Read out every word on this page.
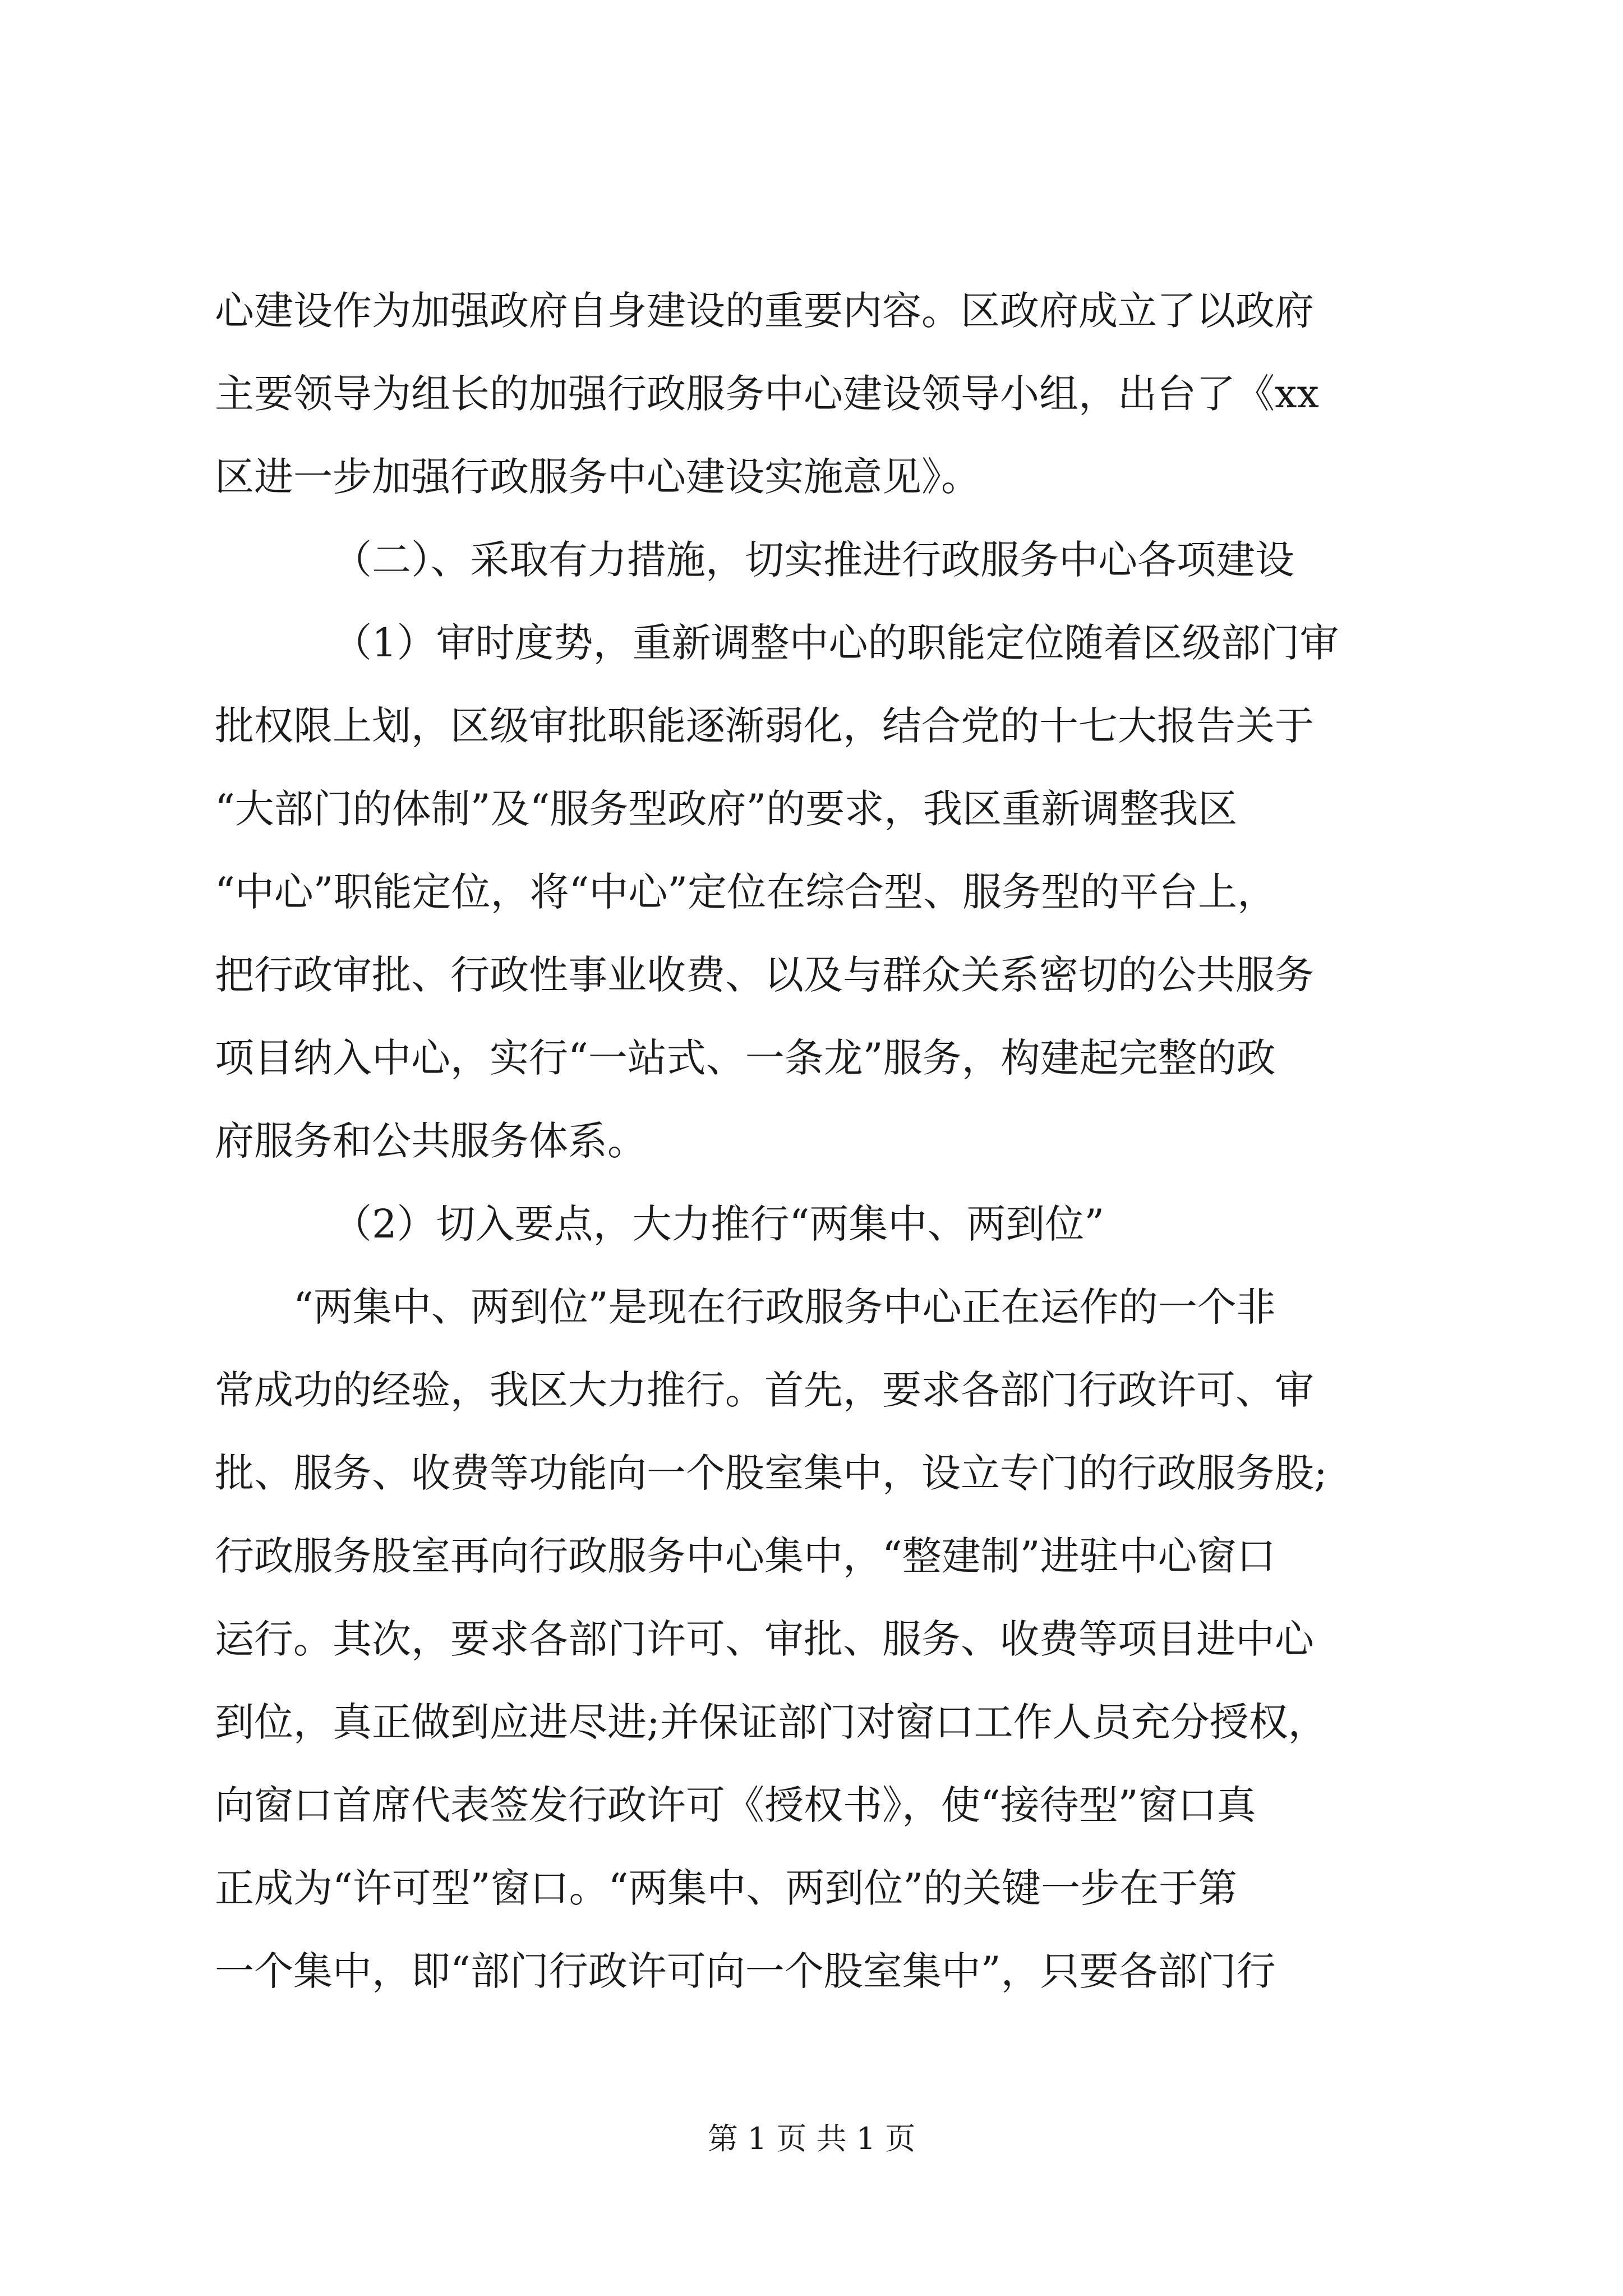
心建设作为加强政府自身建设的重要内容。区政府成立了以政府
主要领导为组长的加强行政服务中心建设领导小组，出台了《xx
区进一步加强行政服务中心建设实施意见》。
（二）、采取有力措施，切实推进行政服务中心各项建设
（1）审时度势，重新调整中心的职能定位随着区级部门审
批权限上划，区级审批职能逐渐弱化，结合党的十七大报告关于
“大部门的体制”及“服务型政府”的要求，我区重新调整我区
“中心”职能定位，将“中心”定位在综合型、服务型的平台上，
把行政审批、行政性事业收费、以及与群众关系密切的公共服务
项目纳入中心，实行“一站式、一条龙”服务，构建起完整的政
府服务和公共服务体系。
（2）切入要点，大力推行“两集中、两到位”
“两集中、两到位”是现在行政服务中心正在运作的一个非
常成功的经验，我区大力推行。首先，要求各部门行政许可、审
批、服务、收费等功能向一个股室集中，设立专门的行政服务股;
行政服务股室再向行政服务中心集中，“整建制”进驻中心窗口
运行。其次，要求各部门许可、审批、服务、收费等项目进中心
到位，真正做到应进尽进;并保证部门对窗口工作人员充分授权，
向窗口首席代表签发行政许可《授权书》，使“接待型”窗口真
正成为“许可型”窗口。“两集中、两到位”的关键一步在于第
一个集中，即“部门行政许可向一个股室集中”，只要各部门行
第 1 页 共 1 页
